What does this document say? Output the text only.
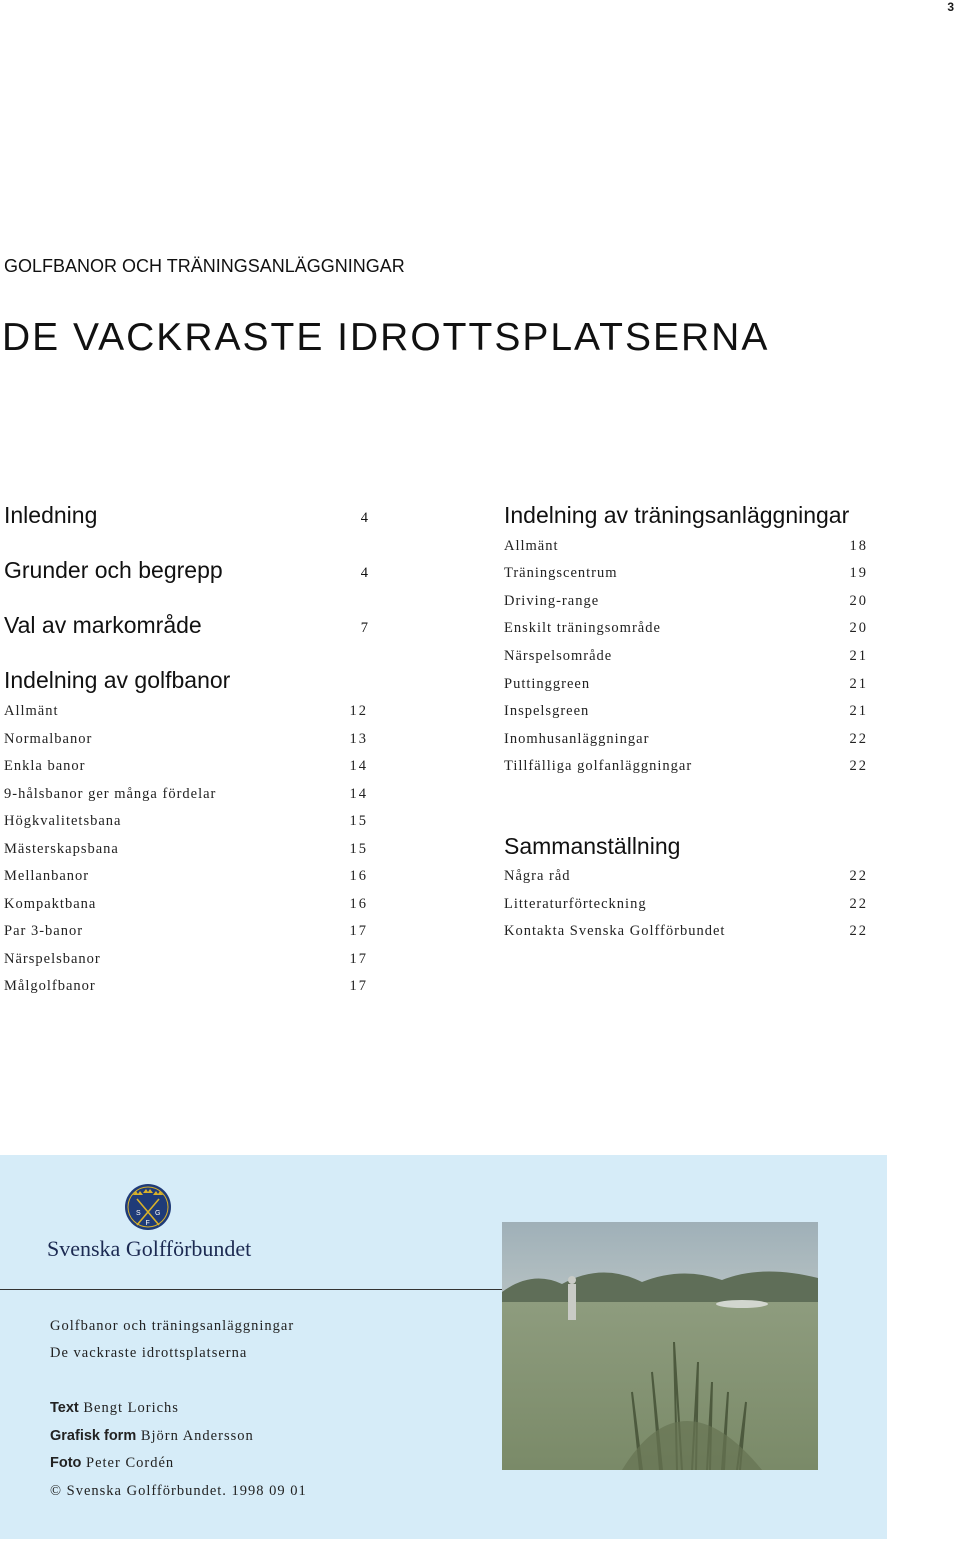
3
GOLFBANOR OCH TRÄNINGSANLÄGGNINGAR
DE VACKRASTE IDROTTSPLATSERNA
Inledning	4
Grunder och begrepp	4
Val av markområde	7
Indelning av golfbanor
Allmänt	12
Normalbanor	13
Enkla banor	14
9-hålsbanor ger många fördelar	14
Högkvalitetsbana	15
Mästerskapsbana	15
Mellanbanor	16
Kompaktbana	16
Par 3-banor	17
Närspelsbanor	17
Målgolfbanor	17
Indelning av träningsanläggningar
Allmänt	18
Träningscentrum	19
Driving-range	20
Enskilt träningsområde	20
Närspelsområde	21
Puttinggreen	21
Inspelsgreen	21
Inomhusanläggningar	22
Tillfälliga golfanläggningar	22
Sammanställning
Några råd	22
Litteraturförteckning	22
Kontakta Svenska Golfförbundet	22
S G
F
Svenska Golfförbundet
Golfbanor och träningsanläggningar
De vackraste idrottsplatserna
Text Bengt Lorichs
Grafisk form Björn Andersson
Foto Peter Cordén
© Svenska Golfförbundet. 1998 09 01
